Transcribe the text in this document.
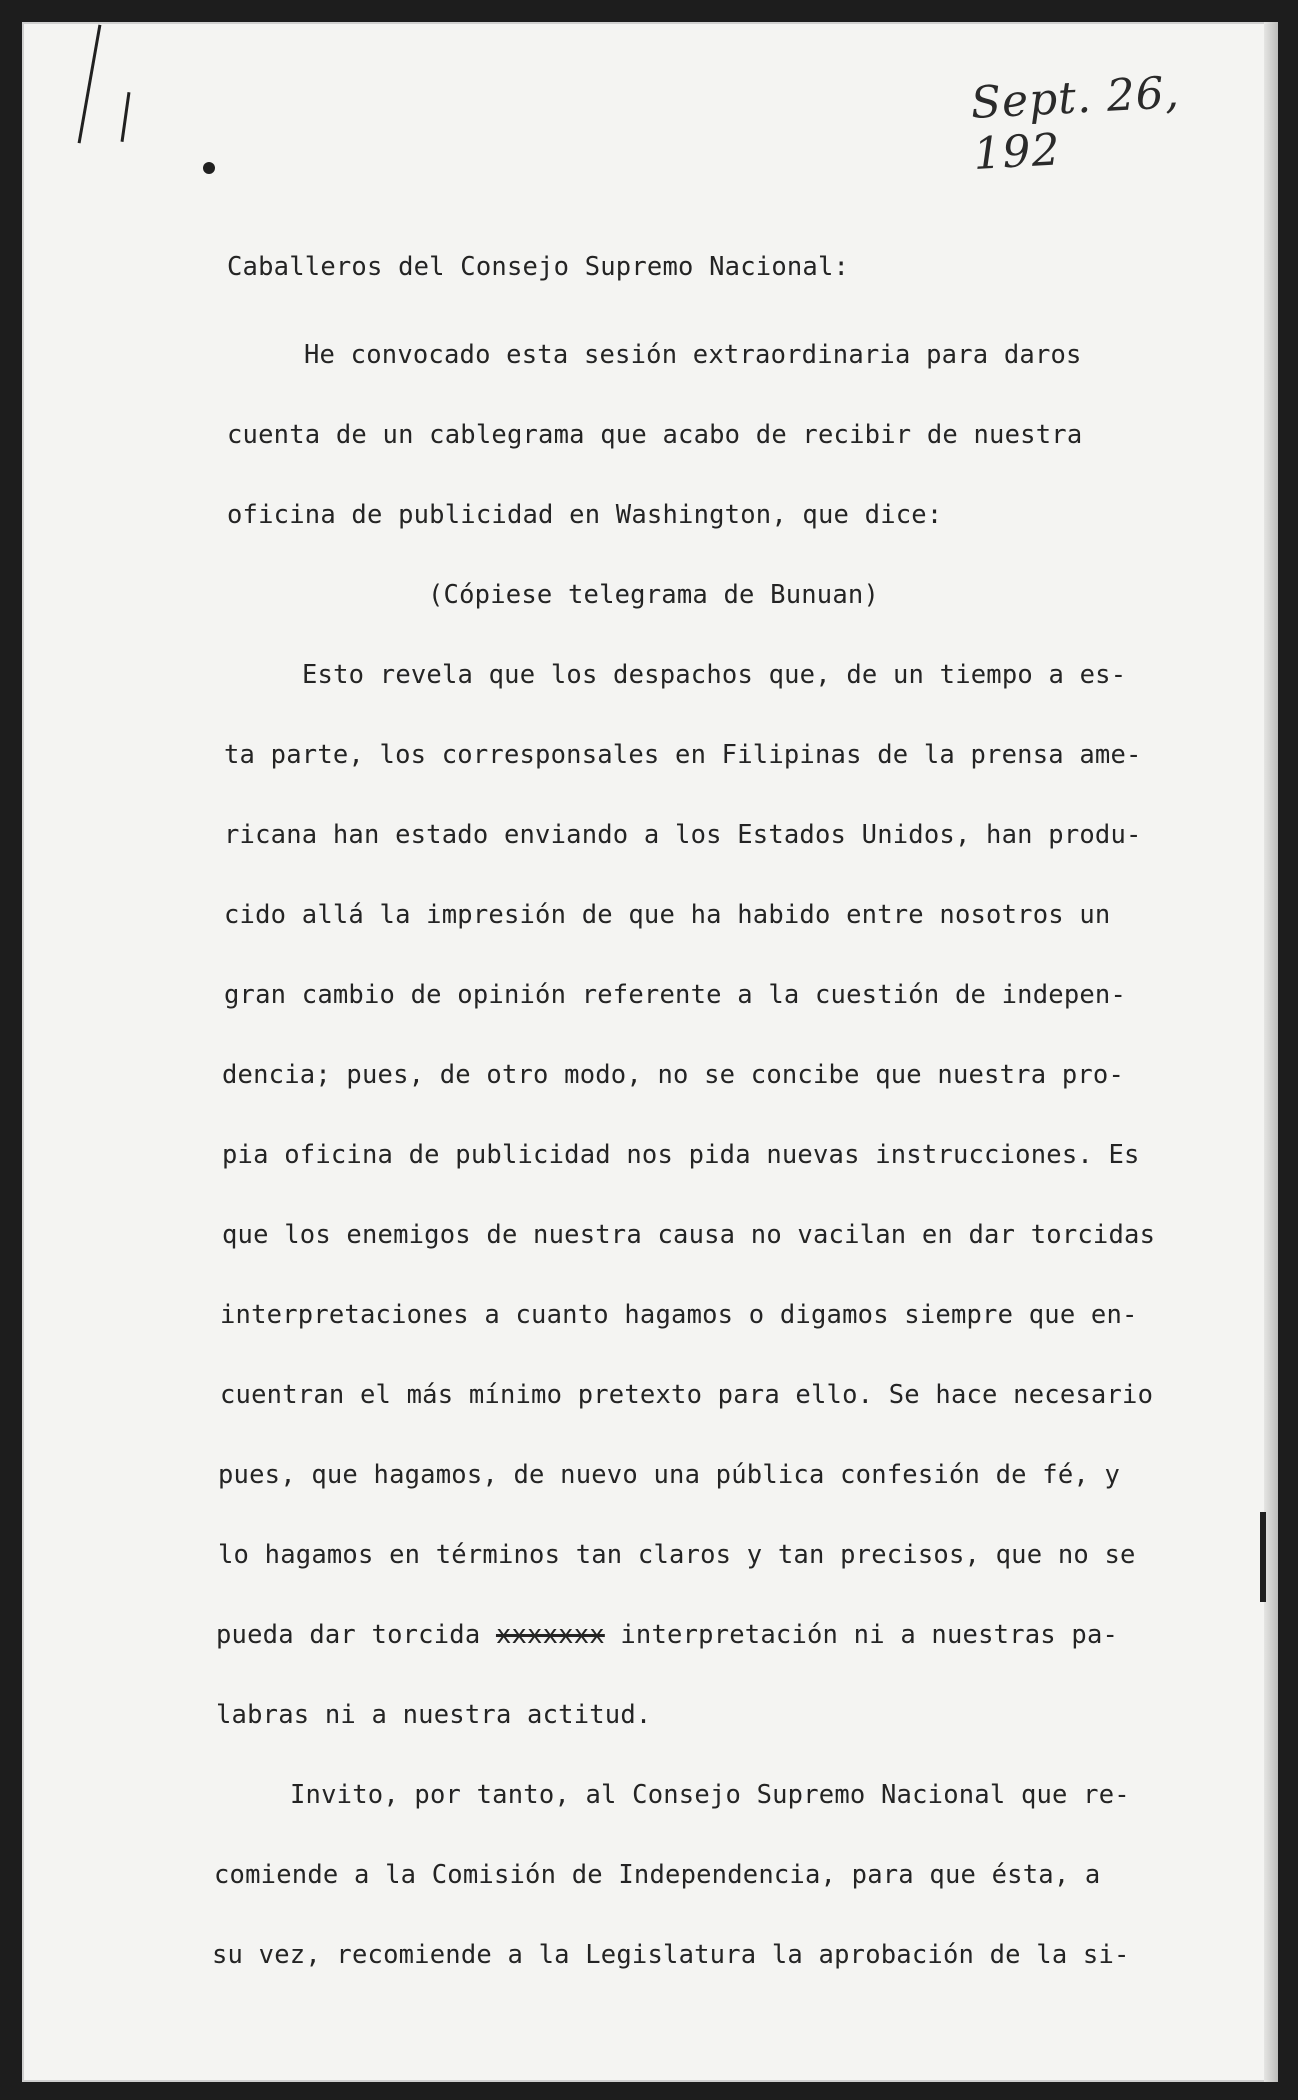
Sept. 26, 192
Caballeros del Consejo Supremo Nacional:
He convocado esta sesión extraordinaria para daros
cuenta de un cablegrama que acabo de recibir de nuestra
oficina de publicidad en Washington, que dice:
(Cópiese telegrama de Bunuan)
Esto revela que los despachos que, de un tiempo a es-
ta parte, los corresponsales en Filipinas de la prensa ame-
ricana han estado enviando a los Estados Unidos, han produ-
cido allá la impresión de que ha habido entre nosotros un
gran cambio de opinión referente a la cuestión de indepen-
dencia; pues, de otro modo, no se concibe que nuestra pro-
pia oficina de publicidad nos pida nuevas instrucciones. Es
que los enemigos de nuestra causa no vacilan en dar torcidas
interpretaciones a cuanto hagamos o digamos siempre que en-
cuentran el más mínimo pretexto para ello. Se hace necesario
pues, que hagamos, de nuevo una pública confesión de fé, y
lo hagamos en términos tan claros y tan precisos, que no se
pueda dar torcida xxxxxxx interpretación ni a nuestras pa-
labras ni a nuestra actitud.
Invito, por tanto, al Consejo Supremo Nacional que re-
comiende a la Comisión de Independencia, para que ésta, a
su vez, recomiende a la Legislatura la aprobación de la si-
